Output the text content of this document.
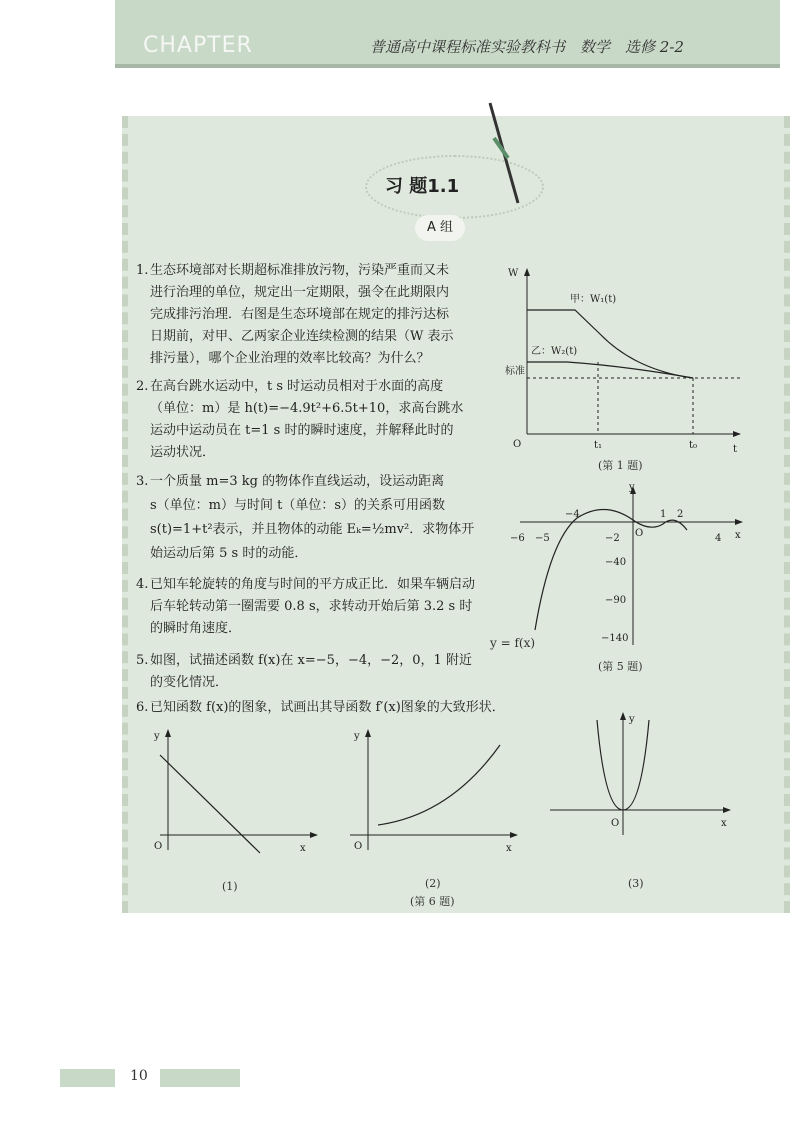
CHAPTER	普通高中课程标准实验教科书　数学　选修 2-2
习 题1.1
A 组
1. 生态环境部对长期超标准排放污物，污染严重而又未
进行治理的单位，规定出一定期限，强令在此期限内
完成排污治理．右图是生态环境部在规定的排污达标
日期前，对甲、乙两家企业连续检测的结果（W 表示
排污量），哪个企业治理的效率比较高？为什么？
2. 在高台跳水运动中，t s 时运动员相对于水面的高度
（单位：m）是 h(t)=−4.9t²+6.5t+10，求高台跳水
运动中运动员在 t=1 s 时的瞬时速度，并解释此时的
运动状况．
3. 一个质量 m=3 kg 的物体作直线运动，设运动距离
s（单位：m）与时间 t（单位：s）的关系可用函数
s(t)=1+t²表示，并且物体的动能 Eₖ=½mv²．求物体开
始运动后第 5 s 时的动能．
4. 已知车轮旋转的角度与时间的平方成正比．如果车辆启动
后车轮转动第一圈需要 0.8 s，求转动开始后第 3.2 s 时
的瞬时角速度．
5. 如图，试描述函数 f(x)在 x=−5，−4，−2，0，1 附近
的变化情况．
6. 已知函数 f(x)的图象，试画出其导函数 f′(x)图象的大致形状．
W
t
O
甲：W₁(t)
乙：W₂(t)
标准
t₁	t₀
(第 1 题)
y
x
O
−6 −5
−4
−2
1 2
4
−40
−90
−140
y = f(x)
(第 5 题)
y
x
O
y
x
O
y
x
O
(1)	(2)	(3)
(第 6 题)
10
